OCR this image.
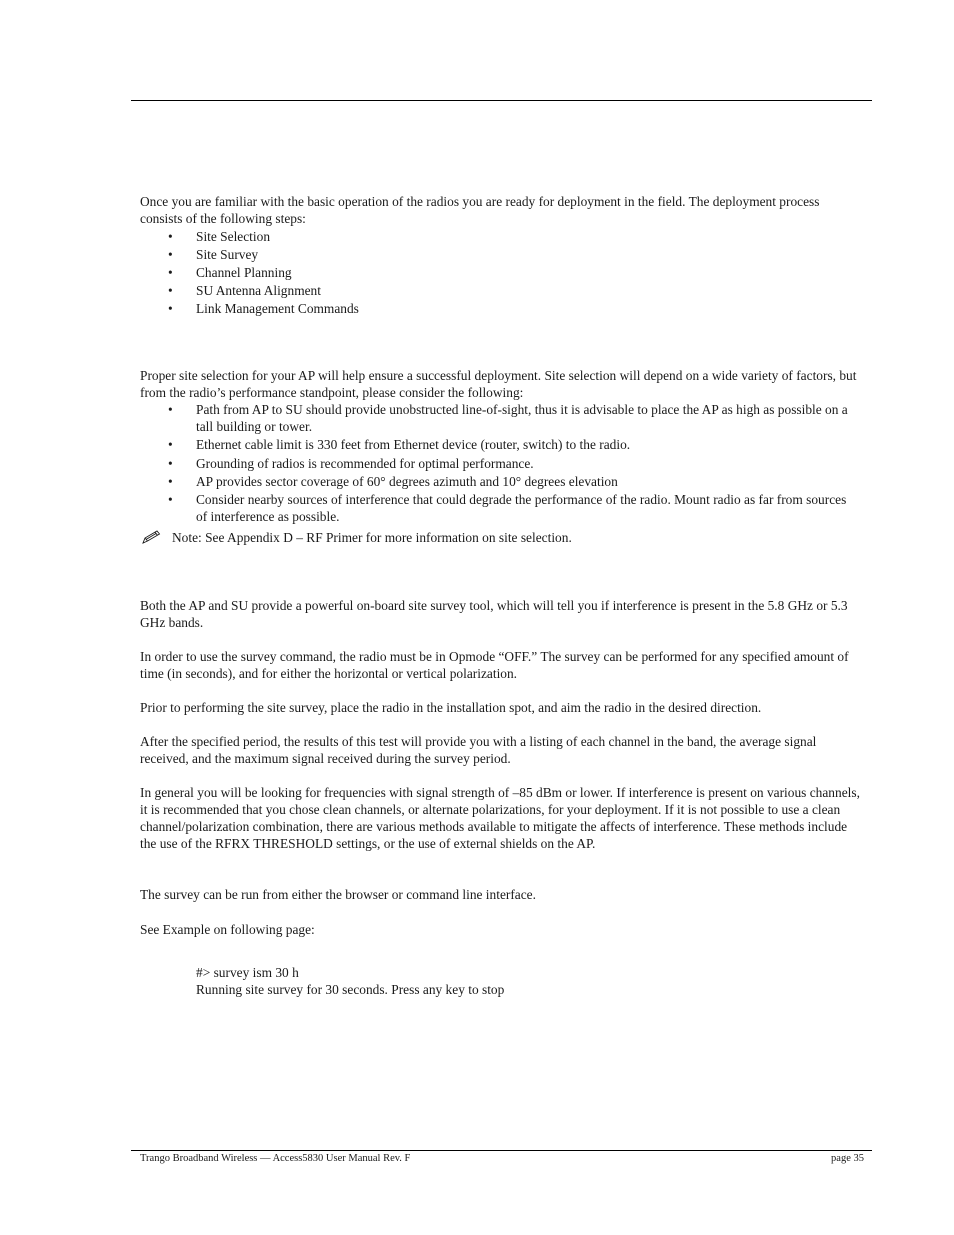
Once you are familiar with the basic operation of the radios you are ready for deployment in the field. The deployment process consists of the following steps:

• Site Selection
• Site Survey
• Channel Planning
• SU Antenna Alignment
• Link Management Commands

Proper site selection for your AP will help ensure a successful deployment. Site selection will depend on a wide variety of factors, but from the radio’s performance standpoint, please consider the following:

• Path from AP to SU should provide unobstructed line-of-sight, thus it is advisable to place the AP as high as possible on a tall building or tower.
• Ethernet cable limit is 330 feet from Ethernet device (router, switch) to the radio.
• Grounding of radios is recommended for optimal performance.
• AP provides sector coverage of 60° degrees azimuth and 10° degrees elevation
• Consider nearby sources of interference that could degrade the performance of the radio. Mount radio as far from sources of interference as possible.
Note: See Appendix D – RF Primer for more information on site selection.

Both the AP and SU provide a powerful on-board site survey tool, which will tell you if interference is present in the 5.8 GHz or 5.3 GHz bands.

In order to use the survey command, the radio must be in Opmode “OFF.” The survey can be performed for any specified amount of time (in seconds), and for either the horizontal or vertical polarization.

Prior to performing the site survey, place the radio in the installation spot, and aim the radio in the desired direction.

After the specified period, the results of this test will provide you with a listing of each channel in the band, the average signal received, and the maximum signal received during the survey period.

In general you will be looking for frequencies with signal strength of –85 dBm or lower. If interference is present on various channels, it is recommended that you chose clean channels, or alternate polarizations, for your deployment. If it is not possible to use a clean channel/polarization combination, there are various methods available to mitigate the affects of interference. These methods include the use of the RFRX THRESHOLD settings, or the use of external shields on the AP.

The survey can be run from either the browser or command line interface.

See Example on following page:

#> survey ism 30 h
Running site survey for 30 seconds. Press any key to stop
Trango Broadband Wireless — Access5830 User Manual Rev. F	page 35
